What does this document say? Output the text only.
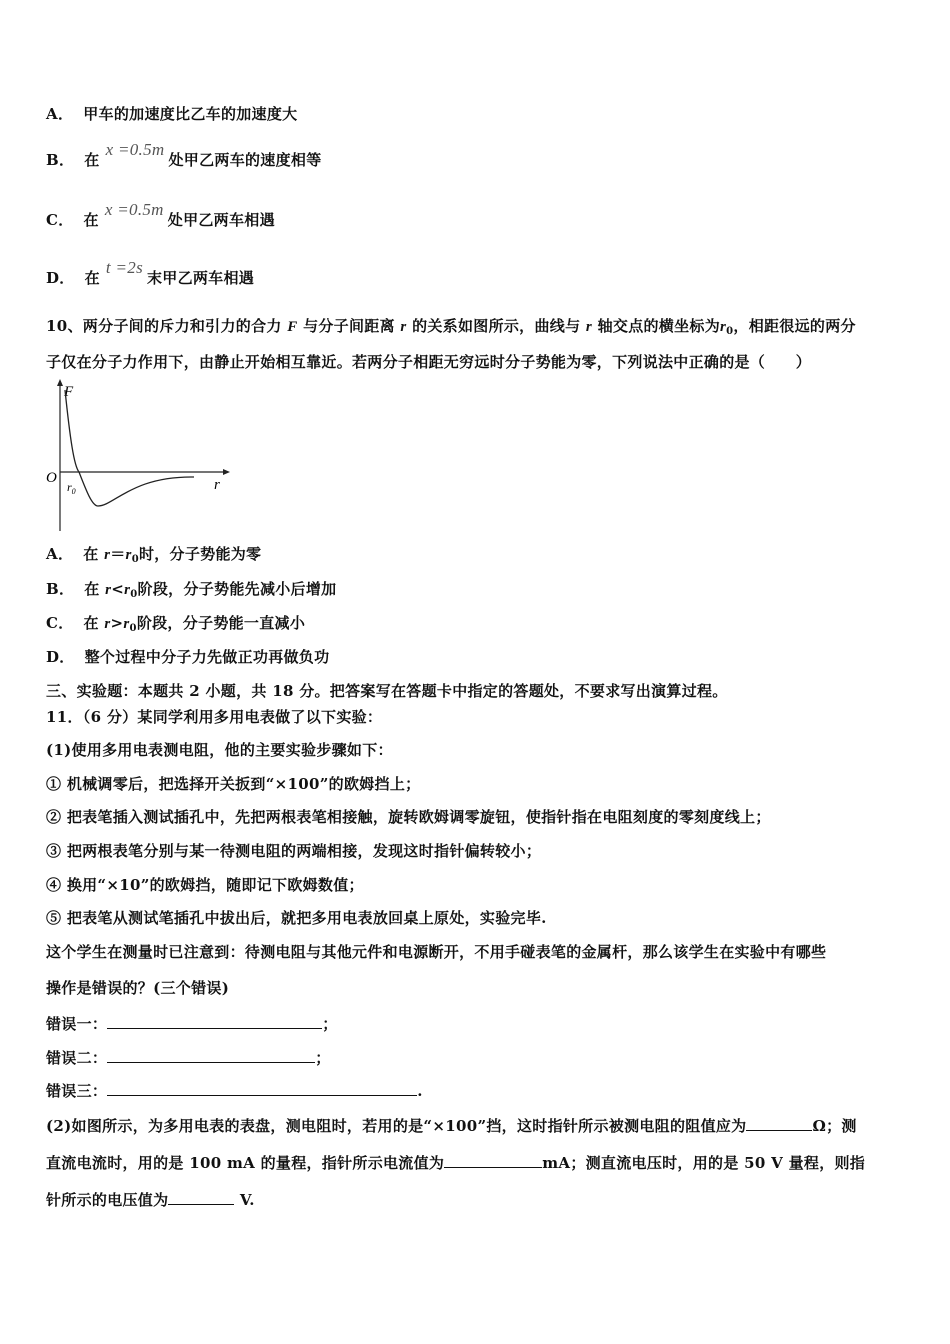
A． 甲车的加速度比乙车的加速度大
B． 在x =0.5m处甲乙两车的速度相等
C． 在x =0.5m处甲乙两车相遇
D． 在t =2s末甲乙两车相遇
10、两分子间的斥力和引力的合力 F 与分子间距离 r 的关系如图所示，曲线与 r 轴交点的横坐标为$r_0$，相距很远的两分
子仅在分子力作用下，由静止开始相互靠近。若两分子相距无穷远时分子势能为零，下列说法中正确的是（　　）
F
O	r
$r_0$
A． 在 $r=r_0$时，分子势能为零
B． 在 $r<r_0$阶段，分子势能先减小后增加
C． 在 $r>r_0$阶段，分子势能一直减小
D． 整个过程中分子力先做正功再做负功
三、实验题：本题共 2 小题，共 18 分。把答案写在答题卡中指定的答题处，不要求写出演算过程。
11．（6 分）某同学利用多用电表做了以下实验：
(1)使用多用电表测电阻，他的主要实验步骤如下：
① 机械调零后，把选择开关扳到“×100”的欧姆挡上；
② 把表笔插入测试插孔中，先把两根表笔相接触，旋转欧姆调零旋钮，使指针指在电阻刻度的零刻度线上；
③ 把两根表笔分别与某一待测电阻的两端相接，发现这时指针偏转较小；
④ 换用“×10”的欧姆挡，随即记下欧姆数值；
⑤ 把表笔从测试笔插孔中拔出后，就把多用电表放回桌上原处，实验完毕.
这个学生在测量时已注意到：待测电阻与其他元件和电源断开，不用手碰表笔的金属杆，那么该学生在实验中有哪些
操作是错误的？(三个错误)
错误一：	；
错误二：	；
错误三：	.
(2)如图所示，为多用电表的表盘，测电阻时，若用的是“×100”挡，这时指针所示被测电阻的阻值应为	Ω；测
直流电流时，用的是 100 mA 的量程，指针所示电流值为	mA；测直流电压时，用的是 50 V 量程，则指
针所示的电压值为	V.
